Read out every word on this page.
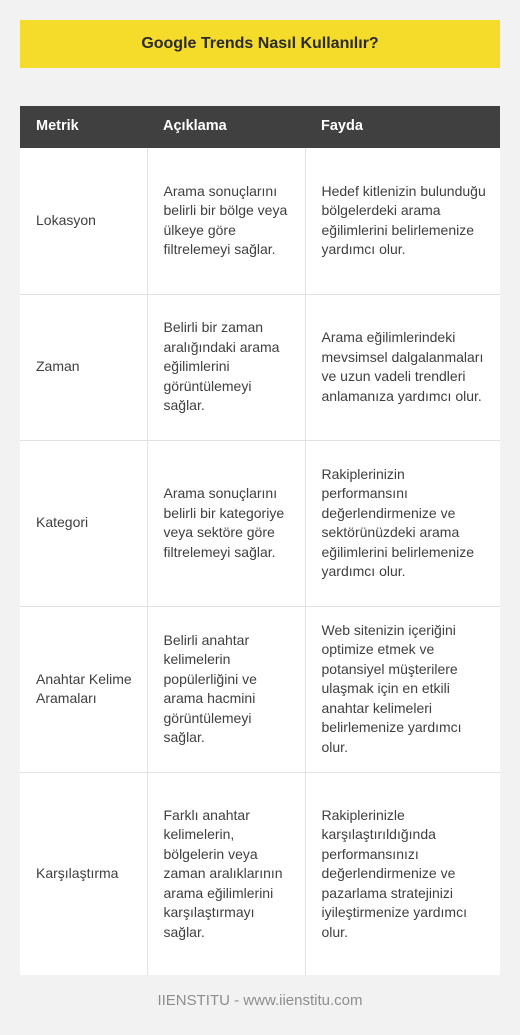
Google Trends Nasıl Kullanılır?
Metrik	Açıklama	Fayda
Lokasyon	Arama sonuçlarını belirli bir bölge veya ülkeye göre filtrelemeyi sağlar.	Hedef kitlenizin bulunduğu bölgelerdeki arama eğilimlerini belirlemenize yardımcı olur.
Zaman	Belirli bir zaman aralığındaki arama eğilimlerini görüntülemeyi sağlar.	Arama eğilimlerindeki mevsimsel dalgalanmaları ve uzun vadeli trendleri anlamanıza yardımcı olur.
Kategori	Arama sonuçlarını belirli bir kategoriye veya sektöre göre filtrelemeyi sağlar.	Rakiplerinizin performansını değerlendirmenize ve sektörünüzdeki arama eğilimlerini belirlemenize yardımcı olur.
Anahtar Kelime Aramaları	Belirli anahtar kelimelerin popülerliğini ve arama hacmini görüntülemeyi sağlar.	Web sitenizin içeriğini optimize etmek ve potansiyel müşterilere ulaşmak için en etkili anahtar kelimeleri belirlemenize yardımcı olur.
Karşılaştırma	Farklı anahtar kelimelerin, bölgelerin veya zaman aralıklarının arama eğilimlerini karşılaştırmayı sağlar.	Rakiplerinizle karşılaştırıldığında performansınızı değerlendirmenize ve pazarlama stratejinizi iyileştirmenize yardımcı olur.
IIENSTITU - www.iienstitu.com
